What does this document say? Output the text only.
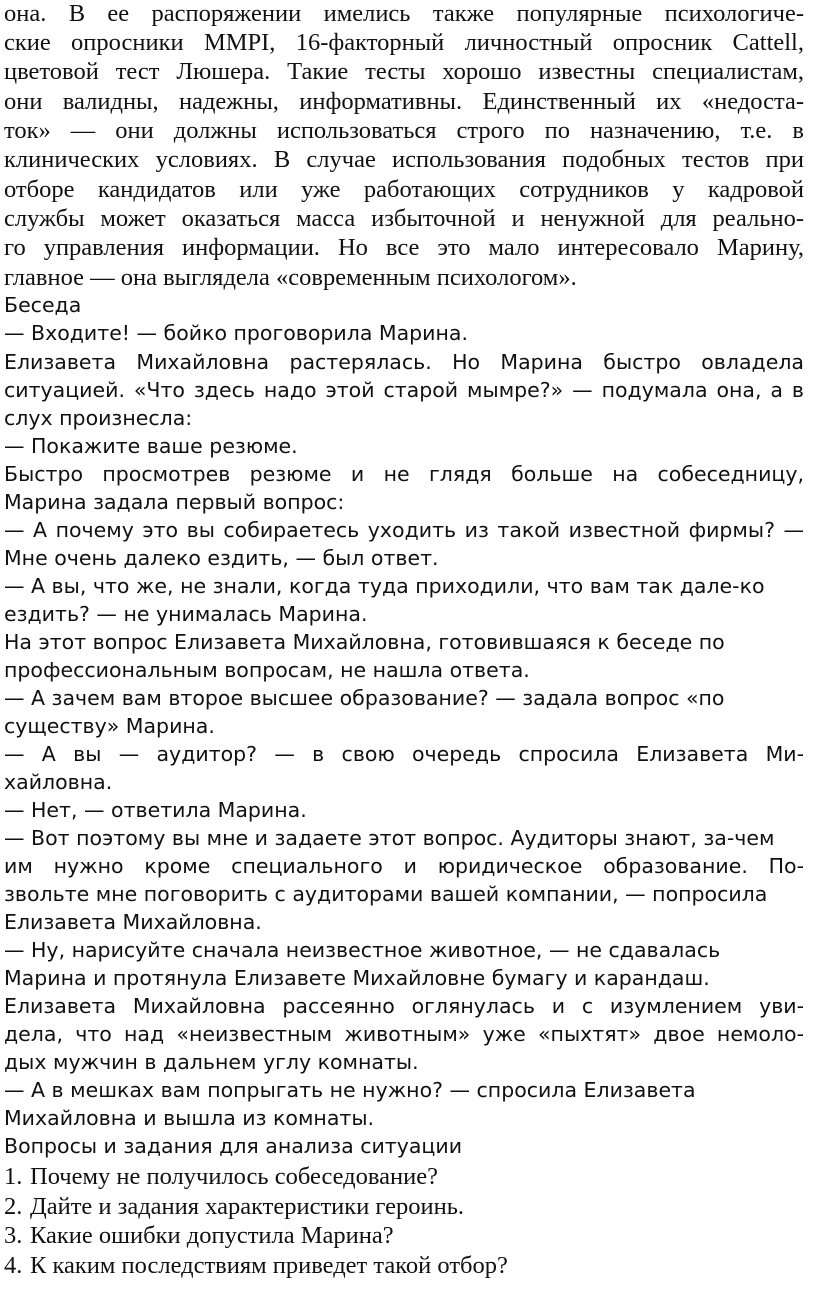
она. В ее распоряжении имелись также популярные психологиче-
ские опросники MMPI, 16-факторный личностный опросник Cattell,
цветовой тест Люшера. Такие тесты хорошо известны специалистам,
они валидны, надежны, информативны. Единственный их «недоста-
ток» — они должны использоваться строго по назначению, т.е. в
клинических условиях. В случае использования подобных тестов при
отборе кандидатов или уже работающих сотрудников у кадровой
службы может оказаться масса избыточной и ненужной для реально-
го управления информации. Но все это мало интересовало Марину,
главное — она выглядела «современным психологом».
Беседа
— Входите! — бойко проговорила Марина.
Елизавета Михайловна растерялась. Но Марина быстро овладела
ситуацией. «Что здесь надо этой старой мымре?» — подумала она, а в
слух произнесла:
— Покажите ваше резюме.
Быстро просмотрев резюме и не глядя больше на собеседницу,
Марина задала первый вопрос:
— А почему это вы собираетесь уходить из такой известной фирмы? —
Мне очень далеко ездить, — был ответ.
— А вы, что же, не знали, когда туда приходили, что вам так дале-ко
ездить? — не унималась Марина.
На этот вопрос Елизавета Михайловна, готовившаяся к беседе по
профессиональным вопросам, не нашла ответа.
— А зачем вам второе высшее образование? — задала вопрос «по
существу» Марина.
— А вы — аудитор? — в свою очередь спросила Елизавета Ми-
хайловна.
— Нет, — ответила Марина.
— Вот поэтому вы мне и задаете этот вопрос. Аудиторы знают, за-чем
им нужно кроме специального и юридическое образование. По-
звольте мне поговорить с аудиторами вашей компании, — попросила
Елизавета Михайловна.
— Ну, нарисуйте сначала неизвестное животное, — не сдавалась
Марина и протянула Елизавете Михайловне бумагу и карандаш.
Елизавета Михайловна рассеянно оглянулась и с изумлением уви-
дела, что над «неизвестным животным» уже «пыхтят» двое немоло-
дых мужчин в дальнем углу комнаты.
— А в мешках вам попрыгать не нужно? — спросила Елизавета
Михайловна и вышла из комнаты.
Вопросы и задания для анализа ситуации
1. Почему не получилось собеседование?
2. Дайте и задания характеристики героинь.
3. Какие ошибки допустила Марина?
4. К каким последствиям приведет такой отбор?
